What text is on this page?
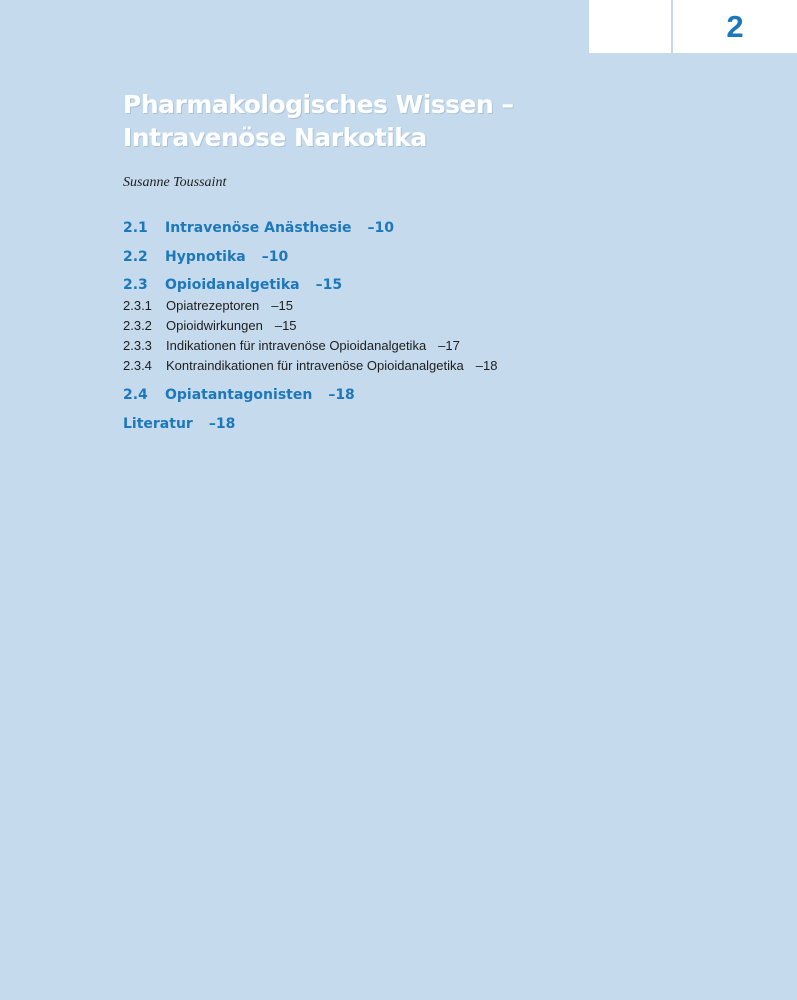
2
Pharmakologisches Wissen –
Intravenöse Narkotika
Susanne Toussaint
2.1 Intravenöse Anästhesie –10
2.2 Hypnotika –10
2.3 Opioidanalgetika –15
2.3.1 Opiatrezeptoren –15
2.3.2 Opioidwirkungen –15
2.3.3 Indikationen für intravenöse Opioidanalgetika –17
2.3.4 Kontraindikationen für intravenöse Opioidanalgetika –18
2.4 Opiatantagonisten –18
Literatur –18
